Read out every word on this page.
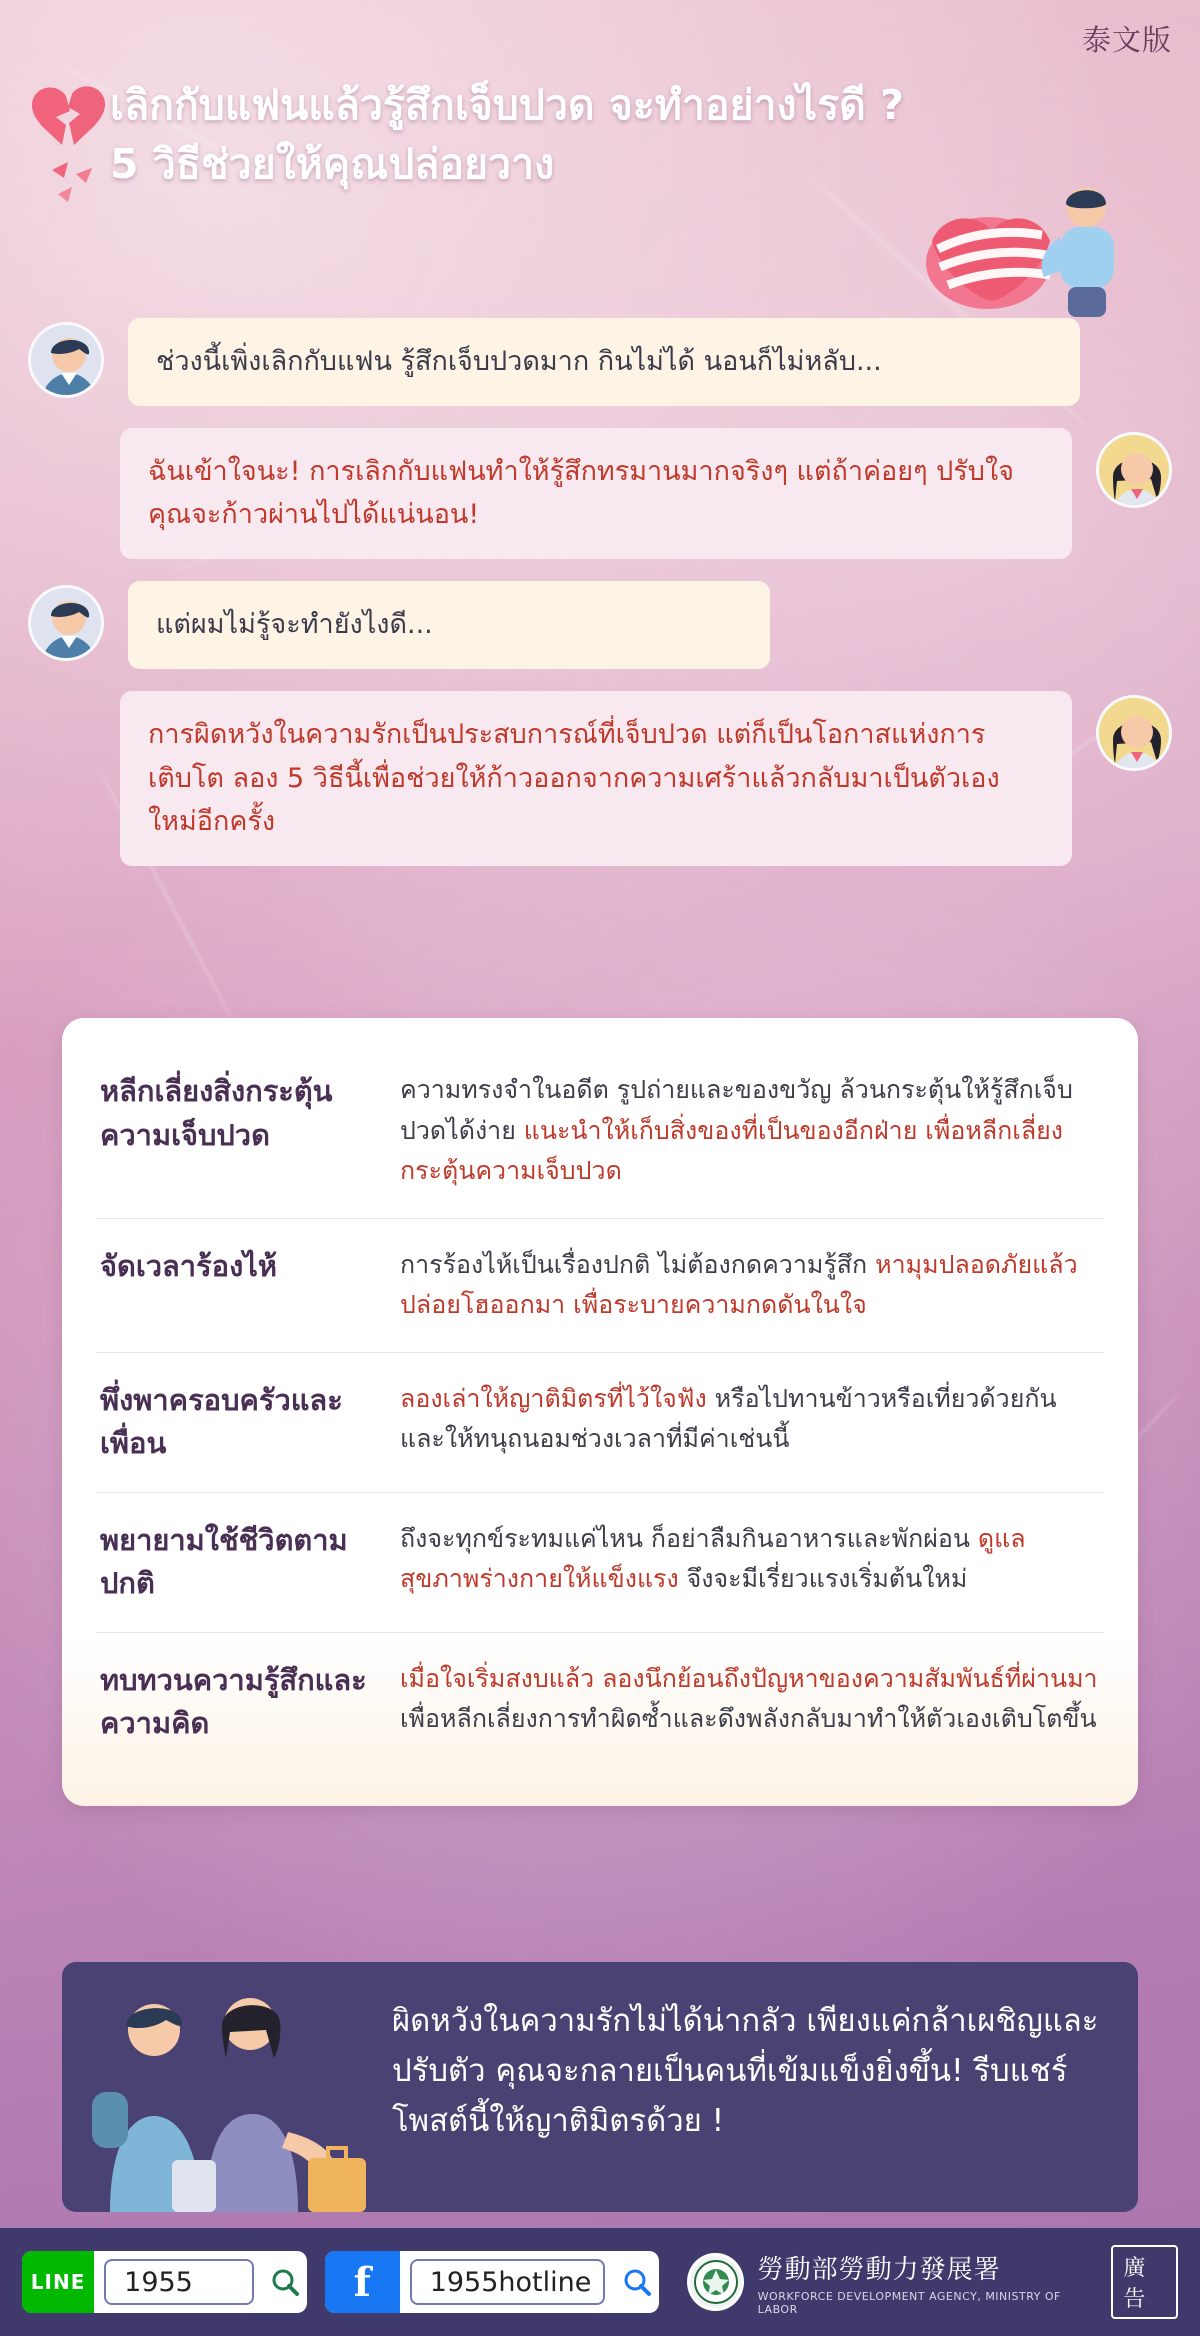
泰文版
เลิกกับแฟนแล้วรู้สึกเจ็บปวด จะทำอย่างไรดี ?
5 วิธีช่วยให้คุณปล่อยวาง
ช่วงนี้เพิ่งเลิกกับแฟน รู้สึกเจ็บปวดมาก กินไม่ได้ นอนก็ไม่หลับ...
ฉันเข้าใจนะ! การเลิกกับแฟนทำให้รู้สึกทรมานมากจริงๆ แต่ถ้าค่อยๆ ปรับใจ คุณจะก้าวผ่านไปได้แน่นอน!
แต่ผมไม่รู้จะทำยังไงดี...
การผิดหวังในความรักเป็นประสบการณ์ที่เจ็บปวด แต่ก็เป็นโอกาสแห่งการเติบโต ลอง 5 วิธีนี้เพื่อช่วยให้ก้าวออกจากความเศร้าแล้วกลับมาเป็นตัวเองใหม่อีกครั้ง
หลีกเลี่ยงสิ่งกระตุ้นความเจ็บปวด
ความทรงจำในอดีต รูปถ่ายและของขวัญ ล้วนกระตุ้นให้รู้สึกเจ็บปวดได้ง่าย แนะนำให้เก็บสิ่งของที่เป็นของอีกฝ่าย เพื่อหลีกเลี่ยงกระตุ้นความเจ็บปวด
จัดเวลาร้องไห้	การร้องไห้เป็นเรื่องปกติ ไม่ต้องกดความรู้สึก หามุมปลอดภัยแล้วปล่อยโฮออกมา เพื่อระบายความกดดันในใจ
พึ่งพาครอบครัวและเพื่อน
ลองเล่าให้ญาติมิตรที่ไว้ใจฟัง หรือไปทานข้าวหรือเที่ยวด้วยกันและให้ทนุถนอมช่วงเวลาที่มีค่าเช่นนี้
พยายามใช้ชีวิตตามปกติ
ถึงจะทุกข์ระทมแค่ไหน ก็อย่าลืมกินอาหารและพักผ่อน ดูแลสุขภาพร่างกายให้แข็งแรง จึงจะมีเรี่ยวแรงเริ่มต้นใหม่
ทบทวนความรู้สึกและความคิด
เมื่อใจเริ่มสงบแล้ว ลองนึกย้อนถึงปัญหาของความสัมพันธ์ที่ผ่านมา เพื่อหลีกเลี่ยงการทำผิดซ้ำและดึงพลังกลับมาทำให้ตัวเองเติบโตขึ้น
ผิดหวังในความรักไม่ได้น่ากลัว เพียงแค่กล้าเผชิญและปรับตัว คุณจะกลายเป็นคนที่เข้มแข็งยิ่งขึ้น! รีบแชร์โพสต์นี้ให้ญาติมิตรด้วย !
LINE	1955	f	1955hotline	勞動部勞動力發展署
WORKFORCE DEVELOPMENT AGENCY, MINISTRY OF LABOR
廣告
